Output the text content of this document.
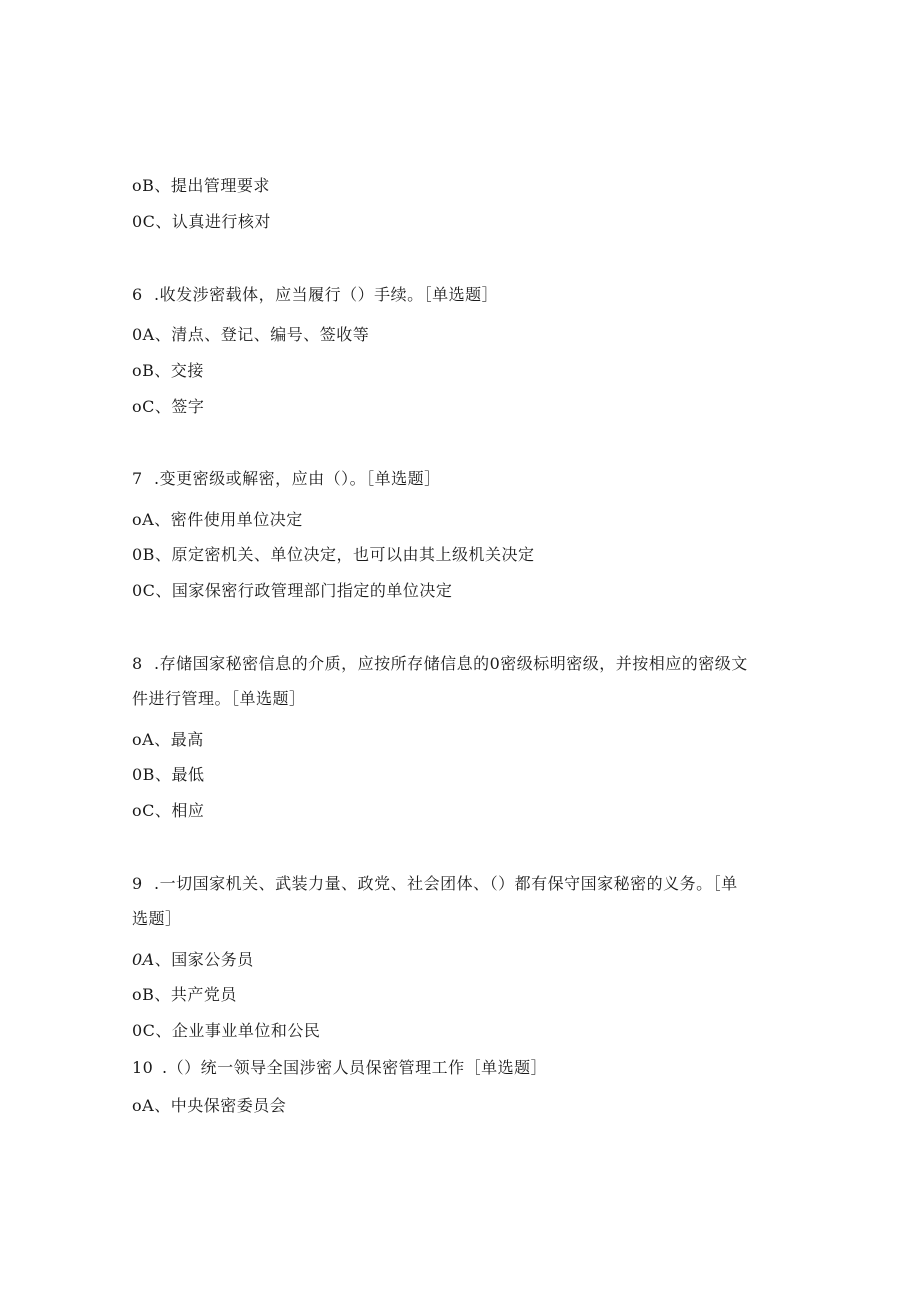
oB、提出管理要求
0C、认真进行核对
6 .收发涉密载体，应当履行（）手续。［单选题］
0A、清点、登记、编号、签收等
oB、交接
oC、签字
7 .变更密级或解密，应由（）。［单选题］
oA、密件使用单位决定
0B、原定密机关、单位决定，也可以由其上级机关决定
0C、国家保密行政管理部门指定的单位决定
8 .存储国家秘密信息的介质，应按所存储信息的0密级标明密级，并按相应的密级文
件进行管理。［单选题］
oA、最高
0B、最低
oC、相应
9 .一切国家机关、武装力量、政党、社会团体、（）都有保守国家秘密的义务。［单
选题］
0A、国家公务员
oB、共产党员
0C、企业事业单位和公民
10 .（）统一领导全国涉密人员保密管理工作［单选题］
oA、中央保密委员会
